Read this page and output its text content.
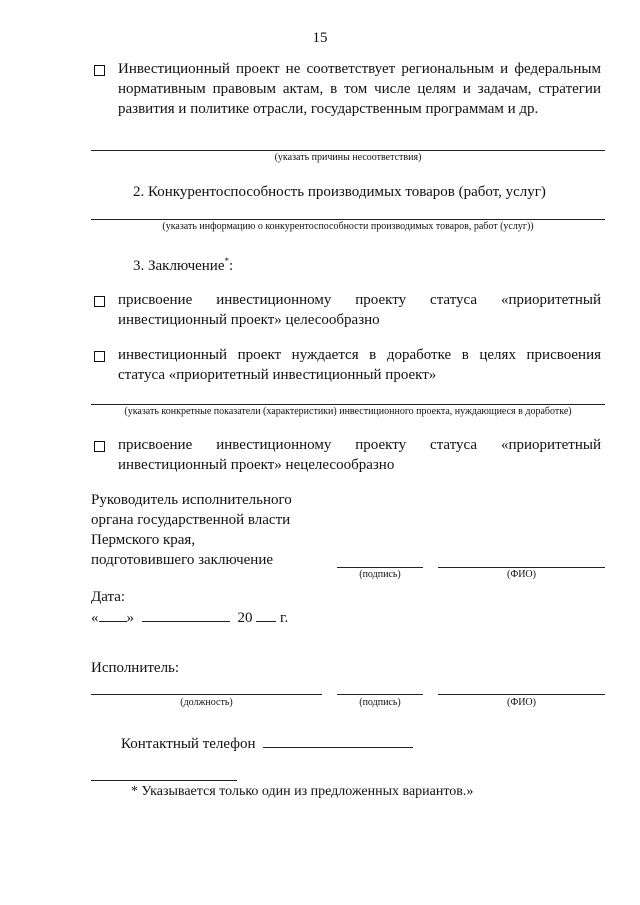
15
Инвестиционный проект не соответствует региональным и федеральным
нормативным правовым актам, в том числе целям и задачам, стратегии
развития и политике отрасли, государственным программам и др.
(указать причины несоответствия)
2. Конкурентоспособность производимых товаров (работ, услуг)
(указать информацию о конкурентоспособности производимых товаров, работ (услуг))
3. Заключение*:
присвоение инвестиционному проекту статуса «приоритетный
инвестиционный проект» целесообразно
инвестиционный проект нуждается в доработке в целях присвоения
статуса «приоритетный инвестиционный проект»
(указать конкретные показатели (характеристики) инвестиционного проекта, нуждающиеся в доработке)
присвоение инвестиционному проекту статуса «приоритетный
инвестиционный проект» нецелесообразно
Руководитель исполнительного
органа государственной власти
Пермского края,
подготовившего заключение
(подпись)	(ФИО)
Дата:
« »	20 г.
Исполнитель:
(должность)	(подпись)	(ФИО)
Контактный телефон
* Указывается только один из предложенных вариантов.»
